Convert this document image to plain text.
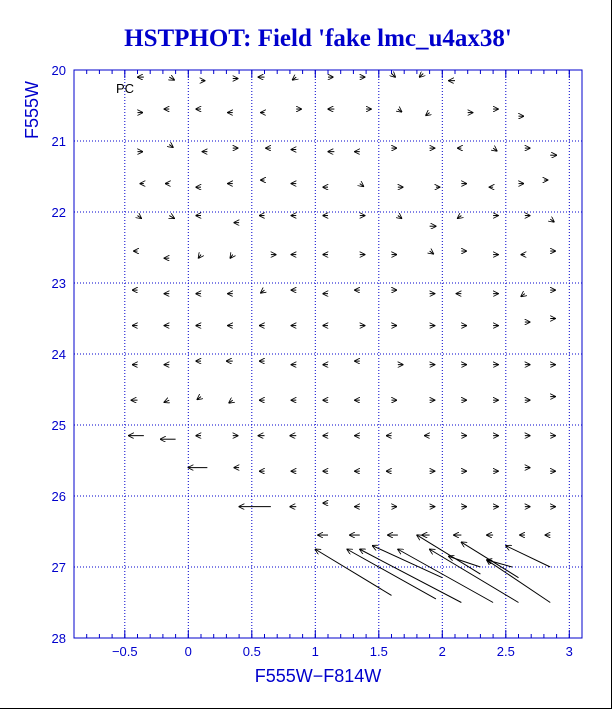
HSTPHOT: Field 'fake lmc_u4ax38'
−0.5	0	0.5	1	1.5	2	2.5	3
20
21
22
23
24
25
26
27
28
PC
F555W−F814W
F555W
